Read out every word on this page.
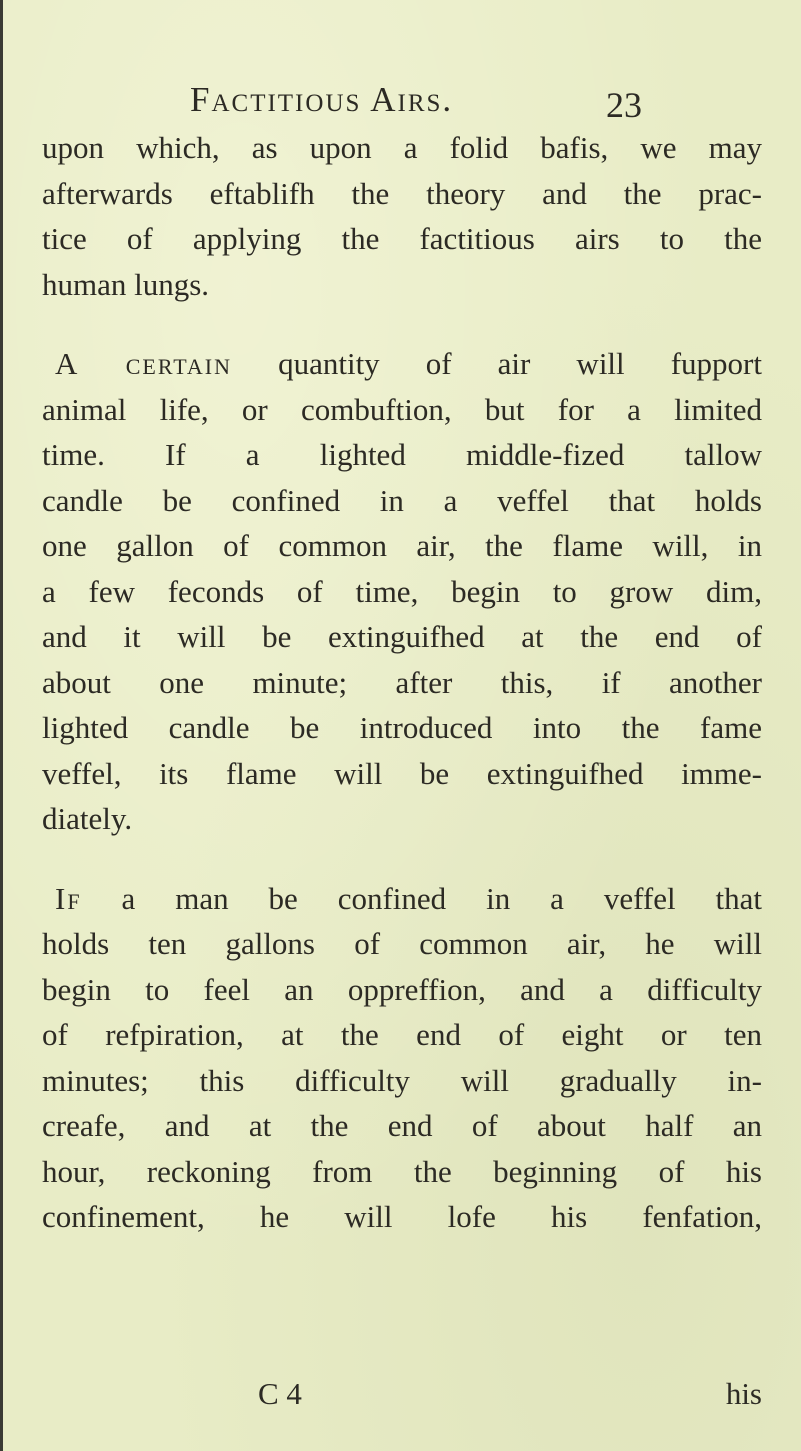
Factitious Airs.	23
upon which, as upon a folid bafis, we may
afterwards eftablifh the theory and the prac-
tice of applying the factitious airs to the
human lungs.
A certain quantity of air will fupport
animal life, or combuftion, but for a limited
time. If a lighted middle-fized tallow
candle be confined in a veffel that holds
one gallon of common air, the flame will, in
a few feconds of time, begin to grow dim,
and it will be extinguifhed at the end of
about one minute; after this, if another
lighted candle be introduced into the fame
veffel, its flame will be extinguifhed imme-
diately.
If a man be confined in a veffel that
holds ten gallons of common air, he will
begin to feel an oppreffion, and a difficulty
of refpiration, at the end of eight or ten
minutes; this difficulty will gradually in-
creafe, and at the end of about half an
hour, reckoning from the beginning of his
confinement, he will lofe his fenfation,
C 4	his
